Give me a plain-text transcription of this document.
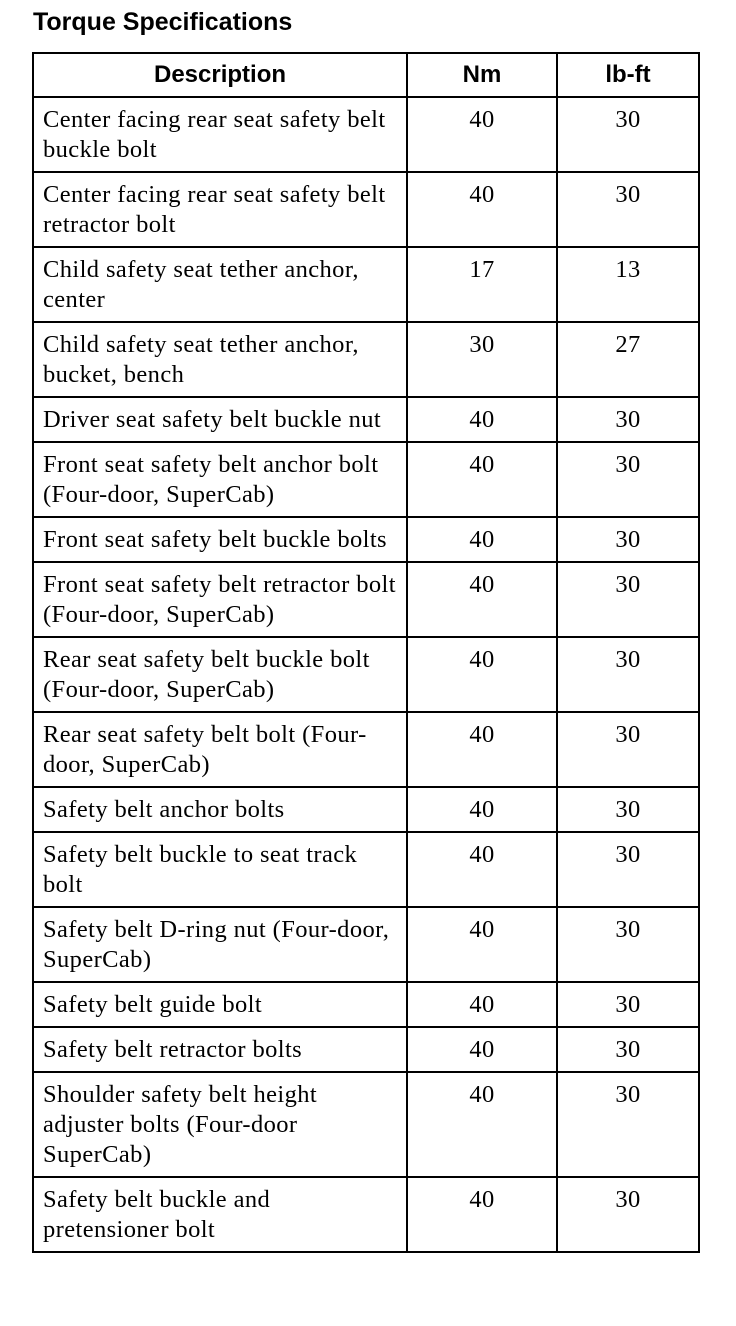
Torque Specifications
Description	Nm	lb-ft
Center facing rear seat safety belt buckle bolt	40	30
Center facing rear seat safety belt retractor bolt	40	30
Child safety seat tether anchor, center	17	13
Child safety seat tether anchor, bucket, bench	30	27
Driver seat safety belt buckle nut	40	30
Front seat safety belt anchor bolt (Four-door, SuperCab)	40	30
Front seat safety belt buckle bolts	40	30
Front seat safety belt retractor bolt (Four-door, SuperCab)	40	30
Rear seat safety belt buckle bolt (Four-door, SuperCab)	40	30
Rear seat safety belt bolt (Four-door, SuperCab)	40	30
Safety belt anchor bolts	40	30
Safety belt buckle to seat track bolt	40	30
Safety belt D-ring nut (Four-door, SuperCab)	40	30
Safety belt guide bolt	40	30
Safety belt retractor bolts	40	30
Shoulder safety belt height adjuster bolts (Four-door SuperCab)	40	30
Safety belt buckle and pretensioner bolt	40	30
